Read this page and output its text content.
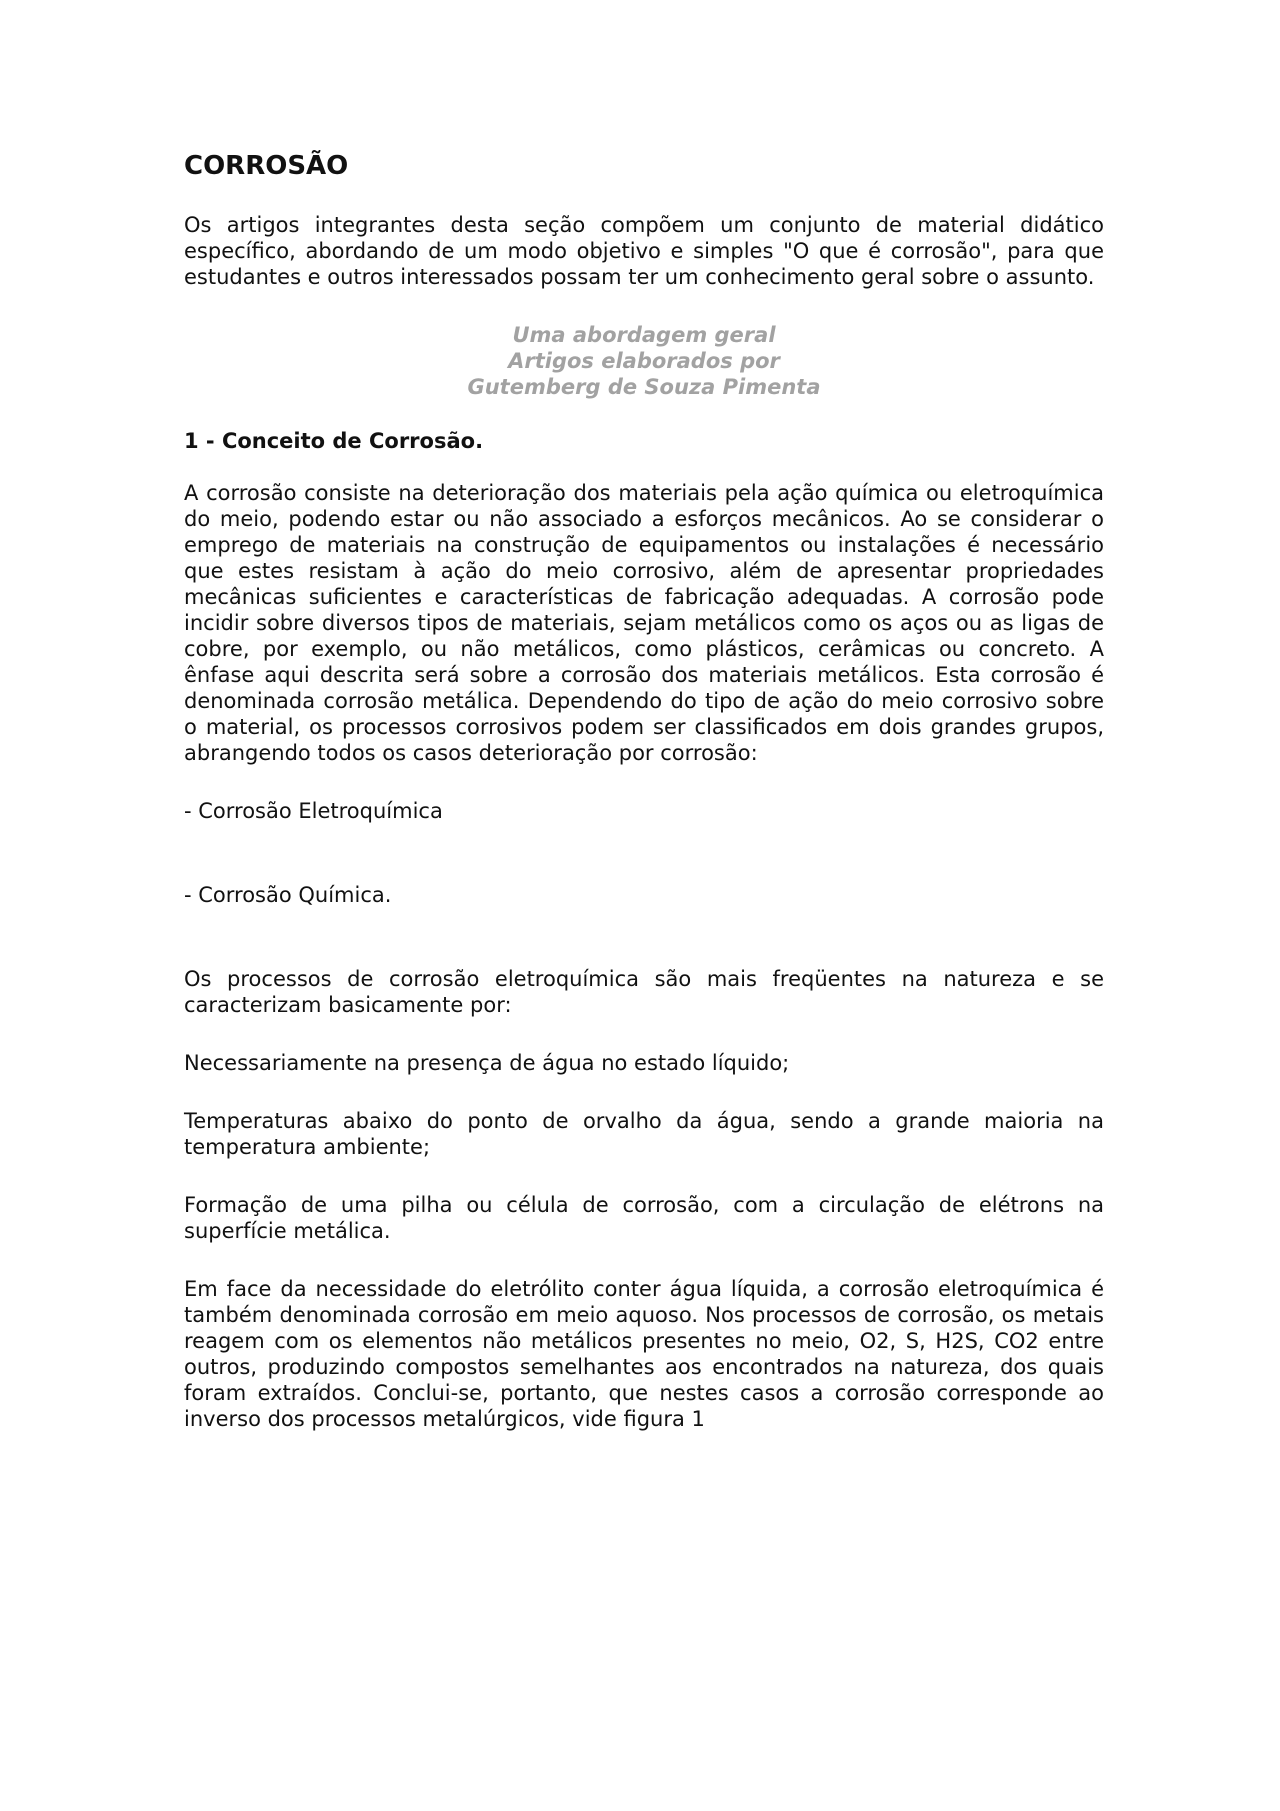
CORROSÃO

Os artigos integrantes desta seção compõem um conjunto de material didático específico, abordando de um modo objetivo e simples "O que é corrosão", para que estudantes e outros interessados possam ter um conhecimento geral sobre o assunto.

Uma abordagem geral

Artigos elaborados por

Gutemberg de Souza Pimenta

1 - Conceito de Corrosão.

A corrosão consiste na deterioração dos materiais pela ação química ou eletroquímica do meio, podendo estar ou não associado a esforços mecânicos. Ao se considerar o emprego de materiais na construção de equipamentos ou instalações é necessário que estes resistam à ação do meio corrosivo, além de apresentar propriedades mecânicas suficientes e características de fabricação adequadas. A corrosão pode incidir sobre diversos tipos de materiais, sejam metálicos como os aços ou as ligas de cobre, por exemplo, ou não metálicos, como plásticos, cerâmicas ou concreto. A ênfase aqui descrita será sobre a corrosão dos materiais metálicos. Esta corrosão é denominada corrosão metálica. Dependendo do tipo de ação do meio corrosivo sobre o material, os processos corrosivos podem ser classificados em dois grandes grupos, abrangendo todos os casos deterioração por corrosão:

- Corrosão Eletroquímica

- Corrosão Química.

Os processos de corrosão eletroquímica são mais freqüentes na natureza e se caracterizam basicamente por:

Necessariamente na presença de água no estado líquido;

Temperaturas abaixo do ponto de orvalho da água, sendo a grande maioria na temperatura ambiente;

Formação de uma pilha ou célula de corrosão, com a circulação de elétrons na superfície metálica.

Em face da necessidade do eletrólito conter água líquida, a corrosão eletroquímica é também denominada corrosão em meio aquoso. Nos processos de corrosão, os metais reagem com os elementos não metálicos presentes no meio, O2, S, H2S, CO2 entre outros, produzindo compostos semelhantes aos encontrados na natureza, dos quais foram extraídos. Conclui-se, portanto, que nestes casos a corrosão corresponde ao inverso dos processos metalúrgicos, vide figura 1
